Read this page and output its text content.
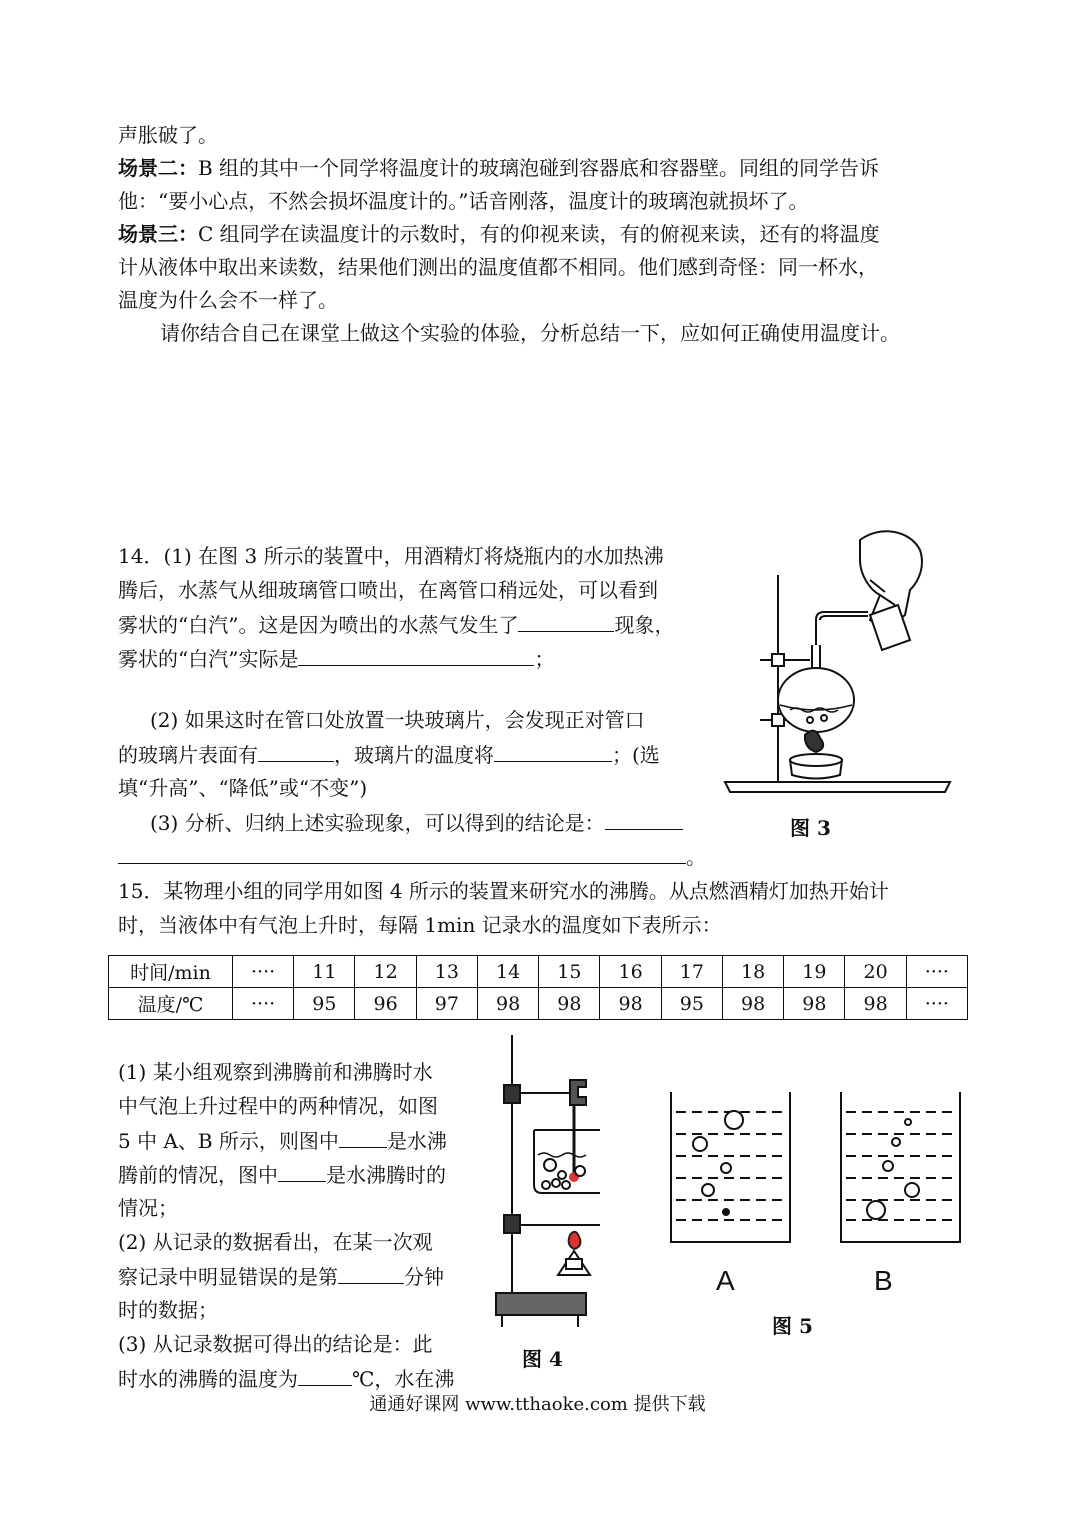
声胀破了。
场景二：B 组的其中一个同学将温度计的玻璃泡碰到容器底和容器壁。同组的同学告诉
他：“要小心点，不然会损坏温度计的。”话音刚落，温度计的玻璃泡就损坏了。
场景三：C 组同学在读温度计的示数时，有的仰视来读，有的俯视来读，还有的将温度
计从液体中取出来读数，结果他们测出的温度值都不相同。他们感到奇怪：同一杯水，
温度为什么会不一样了。
请你结合自己在课堂上做这个实验的体验，分析总结一下，应如何正确使用温度计。
14．(1) 在图 3 所示的装置中，用酒精灯将烧瓶内的水加热沸
腾后，水蒸气从细玻璃管口喷出，在离管口稍远处，可以看到
雾状的“白汽”。这是因为喷出的水蒸气发生了	现象，
雾状的“白汽”实际是	；
(2) 如果这时在管口处放置一块玻璃片，会发现正对管口
的玻璃片表面有	，玻璃片的温度将	；(选
填“升高”、“降低”或“不变”)
(3) 分析、归纳上述实验现象，可以得到的结论是：
。
图 3
15．某物理小组的同学用如图 4 所示的装置来研究水的沸腾。从点燃酒精灯加热开始计
时，当液体中有气泡上升时，每隔 1min 记录水的温度如下表所示：
时间/min	····	11	12	13	14	15	16	17	18	19	20	····
温度/℃	····	95	96	97	98	98	98	95	98	98	98	····
(1) 某小组观察到沸腾前和沸腾时水
中气泡上升过程中的两种情况，如图
5 中 A、B 所示，则图中 是水沸
腾前的情况，图中 是水沸腾时的
情况；
(2) 从记录的数据看出，在某一次观
察记录中明显错误的是第	分钟
时的数据；
(3) 从记录数据可得出的结论是：此
时水的沸腾的温度为	℃，水在沸
图 4
A	B
图 5
通通好课网 www.tthaoke.com 提供下载
